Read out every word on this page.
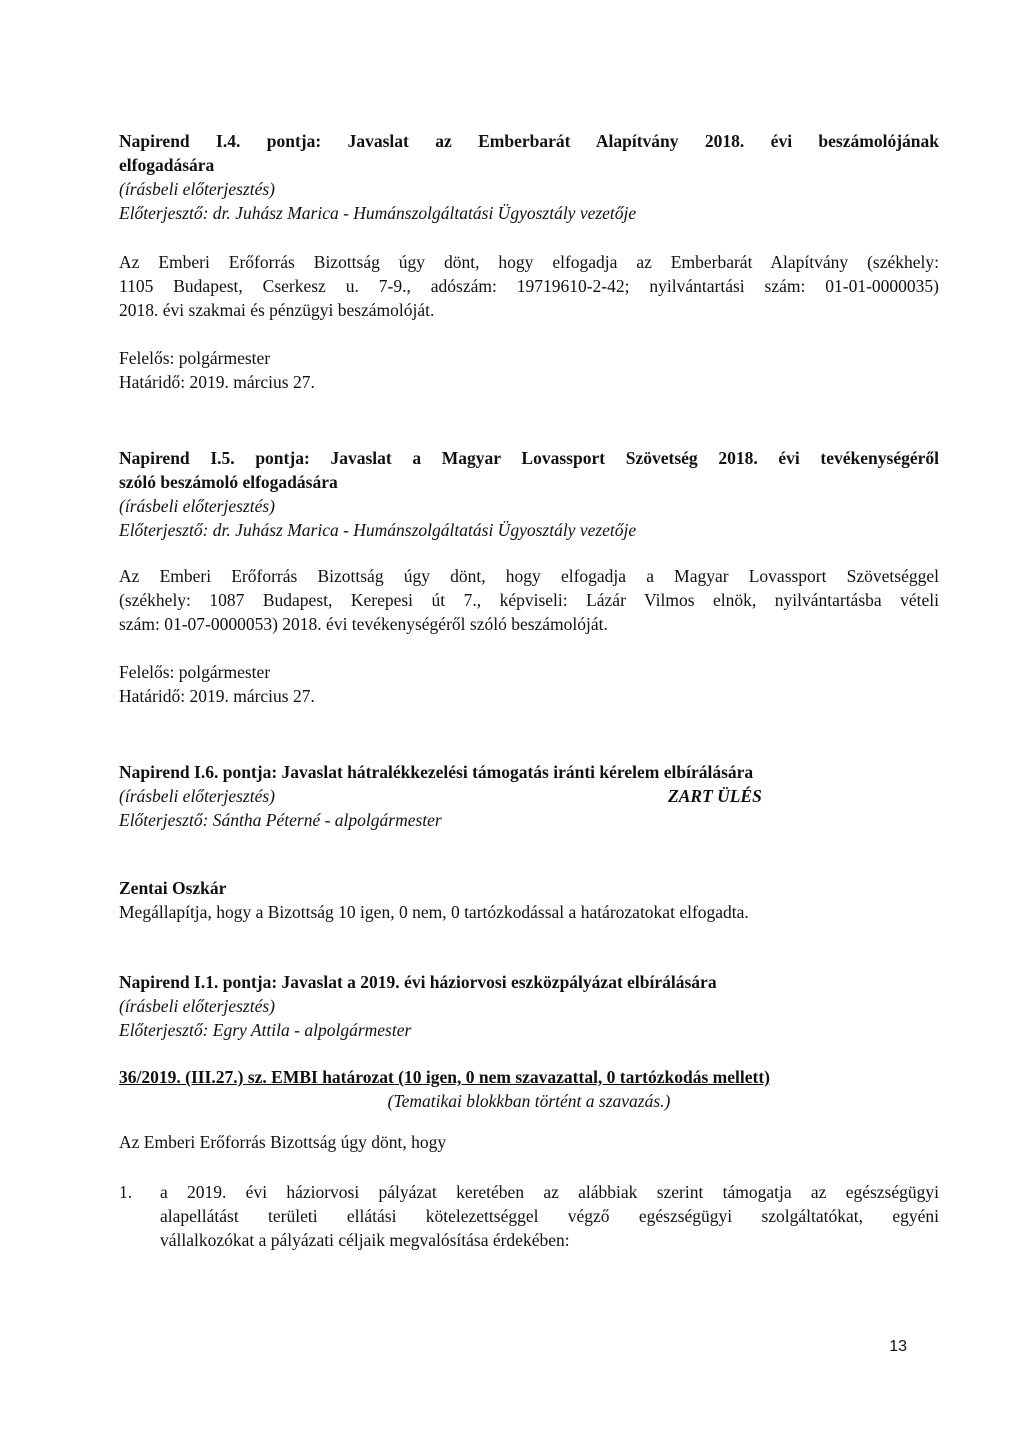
Napirend I.4. pontja: Javaslat az Emberbarát Alapítvány 2018. évi beszámolójának
elfogadására
(írásbeli előterjesztés)
Előterjesztő: dr. Juhász Marica - Humánszolgáltatási Ügyosztály vezetője
Az Emberi Erőforrás Bizottság úgy dönt, hogy elfogadja az Emberbarát Alapítvány (székhely:
1105 Budapest, Cserkesz u. 7-9., adószám: 19719610-2-42; nyilvántartási szám: 01-01-0000035)
2018. évi szakmai és pénzügyi beszámolóját.
Felelős: polgármester
Határidő: 2019. március 27.
Napirend I.5. pontja: Javaslat a Magyar Lovassport Szövetség 2018. évi tevékenységéről
szóló beszámoló elfogadására
(írásbeli előterjesztés)
Előterjesztő: dr. Juhász Marica - Humánszolgáltatási Ügyosztály vezetője
Az Emberi Erőforrás Bizottság úgy dönt, hogy elfogadja a Magyar Lovassport Szövetséggel
(székhely: 1087 Budapest, Kerepesi út 7., képviseli: Lázár Vilmos elnök, nyilvántartásba vételi
szám: 01-07-0000053) 2018. évi tevékenységéről szóló beszámolóját.
Felelős: polgármester
Határidő: 2019. március 27.
Napirend I.6. pontja: Javaslat hátralékkezelési támogatás iránti kérelem elbírálására
(írásbeli előterjesztés)	ZART ÜLÉS
Előterjesztő: Sántha Péterné - alpolgármester
Zentai Oszkár
Megállapítja, hogy a Bizottság 10 igen, 0 nem, 0 tartózkodással a határozatokat elfogadta.
Napirend I.1. pontja: Javaslat a 2019. évi háziorvosi eszközpályázat elbírálására
(írásbeli előterjesztés)
Előterjesztő: Egry Attila - alpolgármester
36/2019. (III.27.) sz. EMBI határozat (10 igen, 0 nem szavazattal, 0 tartózkodás mellett)
(Tematikai blokkban történt a szavazás.)
Az Emberi Erőforrás Bizottság úgy dönt, hogy
1. a 2019. évi háziorvosi pályázat keretében az alábbiak szerint támogatja az egészségügyi
alapellátást területi ellátási kötelezettséggel végző egészségügyi szolgáltatókat, egyéni
vállalkozókat a pályázati céljaik megvalósítása érdekében:
13
